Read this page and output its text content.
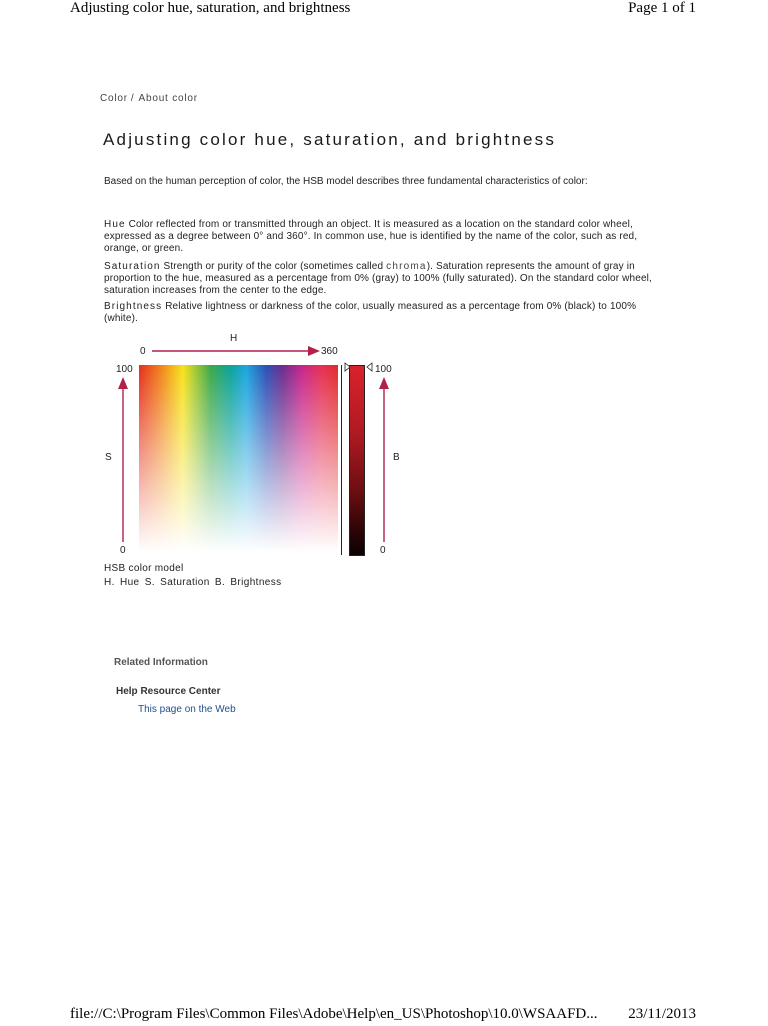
Adjusting color hue, saturation, and brightness	Page 1 of 1
Color / About color
Adjusting color hue, saturation, and brightness

Based on the human perception of color, the HSB model describes three fundamental characteristics of color:

Hue Color reflected from or transmitted through an object. It is measured as a location on the standard color wheel, expressed as a degree between 0° and 360°. In common use, hue is identified by the name of the color, such as red, orange, or green.

Saturation Strength or purity of the color (sometimes called chroma). Saturation represents the amount of gray in proportion to the hue, measured as a percentage from 0% (gray) to 100% (fully saturated). On the standard color wheel, saturation increases from the center to the edge.

Brightness Relative lightness or darkness of the color, usually measured as a percentage from 0% (black) to 100% (white).

H
0	360
100
S
0
100
B
0

HSB color model

H. Hue S. Saturation B. Brightness

Related Information
Help Resource Center
This page on the Web
file://C:\Program Files\Common Files\Adobe\Help\en_US\Photoshop\10.0\WSAAFD... 23/11/2013
